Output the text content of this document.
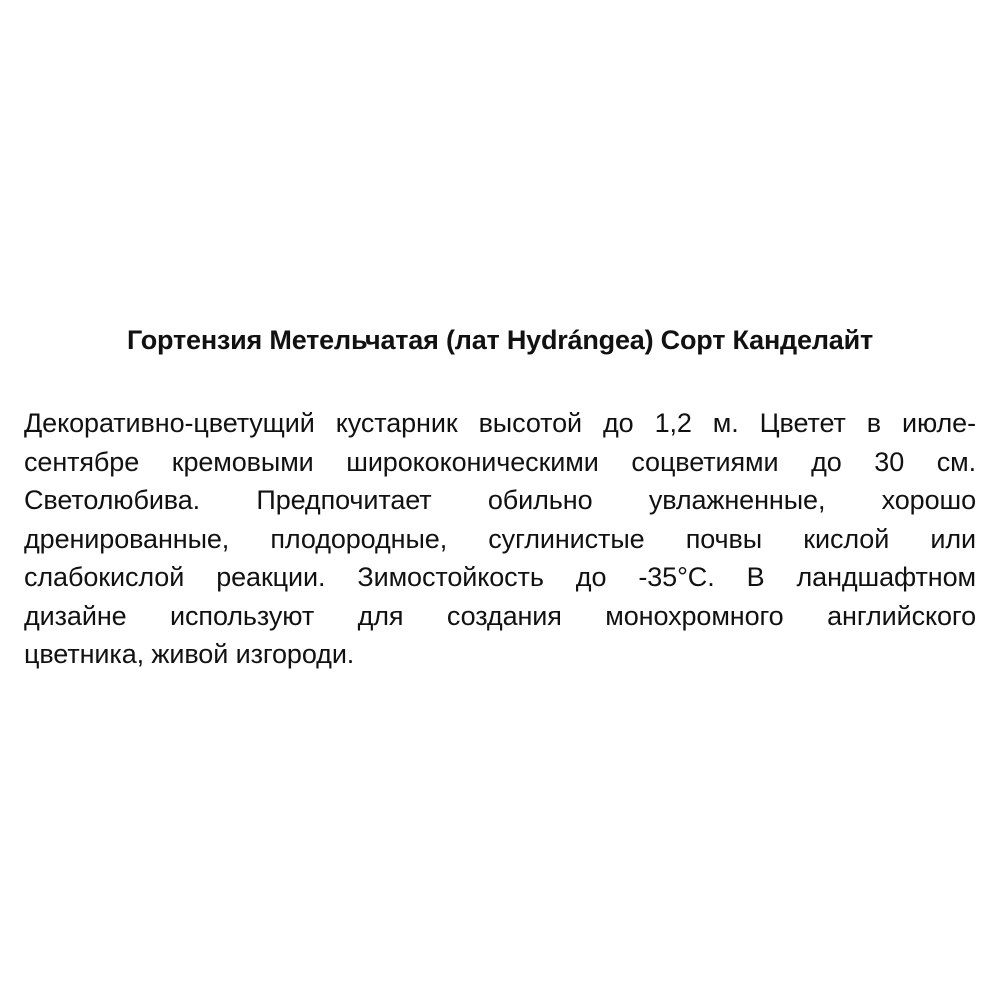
Гортензия Метельчатая (лат Hydrángea) Сорт Канделайт
Декоративно-цветущий кустарник высотой до 1,2 м. Цветет в июле-
сентябре кремовыми ширококоническими соцветиями до 30 см.
Светолюбива. Предпочитает обильно увлажненные, хорошо
дренированные, плодородные, суглинистые почвы кислой или
слабокислой реакции. Зимостойкость до -35°С. В ландшафтном
дизайне используют для создания монохромного английского
цветника, живой изгороди.
